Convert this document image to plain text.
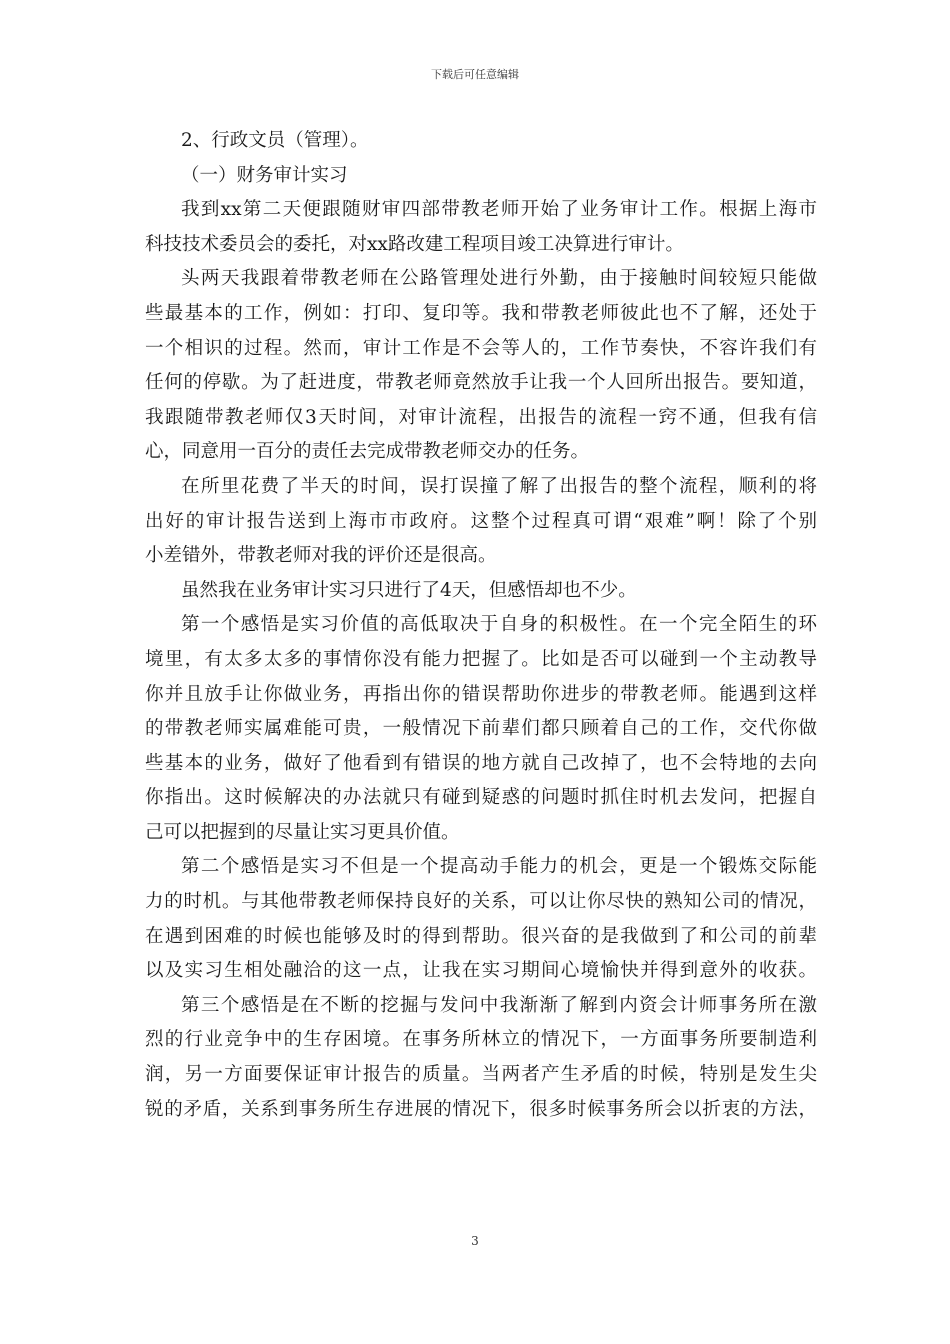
下载后可任意编辑
2、行政文员（管理）。
（一）财务审计实习
我到xx第二天便跟随财审四部带教老师开始了业务审计工作。根据上海市
科技技术委员会的委托，对xx路改建工程项目竣工决算进行审计。
头两天我跟着带教老师在公路管理处进行外勤，由于接触时间较短只能做
些最基本的工作，例如：打印、复印等。我和带教老师彼此也不了解，还处于
一个相识的过程。然而，审计工作是不会等人的，工作节奏快，不容许我们有
任何的停歇。为了赶进度，带教老师竟然放手让我一个人回所出报告。要知道，
我跟随带教老师仅3天时间，对审计流程，出报告的流程一窍不通，但我有信
心，同意用一百分的责任去完成带教老师交办的任务。
在所里花费了半天的时间，误打误撞了解了出报告的整个流程，顺利的将
出好的审计报告送到上海市市政府。这整个过程真可谓“艰难”啊！除了个别
小差错外，带教老师对我的评价还是很高。
虽然我在业务审计实习只进行了4天，但感悟却也不少。
第一个感悟是实习价值的高低取决于自身的积极性。在一个完全陌生的环
境里，有太多太多的事情你没有能力把握了。比如是否可以碰到一个主动教导
你并且放手让你做业务，再指出你的错误帮助你进步的带教老师。能遇到这样
的带教老师实属难能可贵，一般情况下前辈们都只顾着自己的工作，交代你做
些基本的业务，做好了他看到有错误的地方就自己改掉了，也不会特地的去向
你指出。这时候解决的办法就只有碰到疑惑的问题时抓住时机去发问，把握自
己可以把握到的尽量让实习更具价值。
第二个感悟是实习不但是一个提高动手能力的机会，更是一个锻炼交际能
力的时机。与其他带教老师保持良好的关系，可以让你尽快的熟知公司的情况，
在遇到困难的时候也能够及时的得到帮助。很兴奋的是我做到了和公司的前辈
以及实习生相处融洽的这一点，让我在实习期间心境愉快并得到意外的收获。
第三个感悟是在不断的挖掘与发问中我渐渐了解到内资会计师事务所在激
烈的行业竞争中的生存困境。在事务所林立的情况下，一方面事务所要制造利
润，另一方面要保证审计报告的质量。当两者产生矛盾的时候，特别是发生尖
锐的矛盾，关系到事务所生存进展的情况下，很多时候事务所会以折衷的方法，
3
